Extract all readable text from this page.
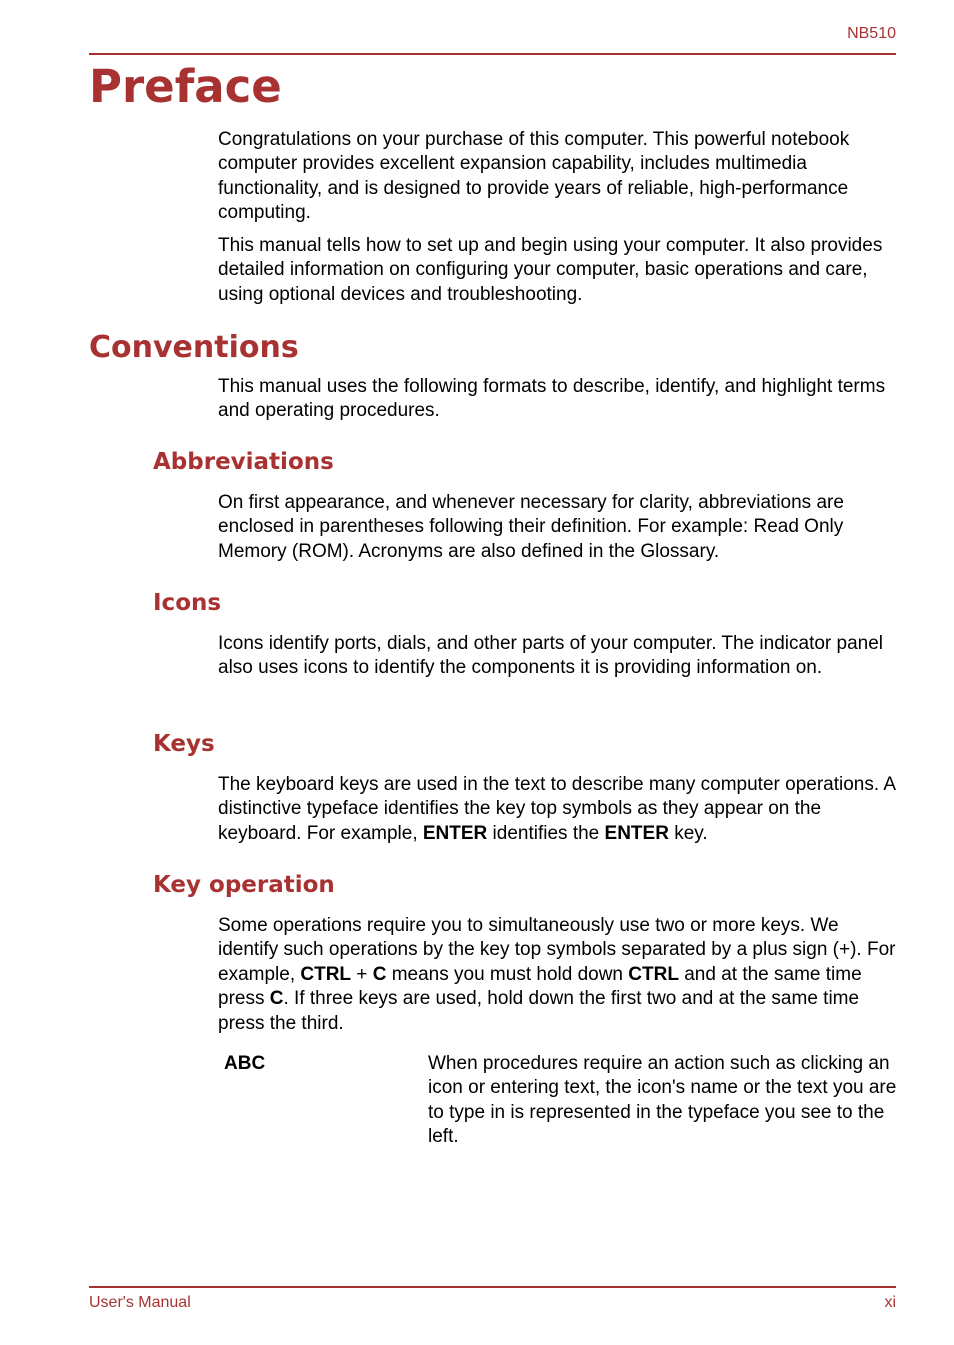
NB510
Preface

Congratulations on your purchase of this computer. This powerful notebook computer provides excellent expansion capability, includes multimedia functionality, and is designed to provide years of reliable, high-performance computing.

This manual tells how to set up and begin using your computer. It also provides detailed information on configuring your computer, basic operations and care, using optional devices and troubleshooting.

Conventions

This manual uses the following formats to describe, identify, and highlight terms and operating procedures.

Abbreviations

On first appearance, and whenever necessary for clarity, abbreviations are enclosed in parentheses following their definition. For example: Read Only Memory (ROM). Acronyms are also defined in the Glossary.

Icons

Icons identify ports, dials, and other parts of your computer. The indicator panel also uses icons to identify the components it is providing information on.

Keys

The keyboard keys are used in the text to describe many computer operations. A distinctive typeface identifies the key top symbols as they appear on the keyboard. For example, ENTER identifies the ENTER key.

Key operation

Some operations require you to simultaneously use two or more keys. We identify such operations by the key top symbols separated by a plus sign (+). For example, CTRL + C means you must hold down CTRL and at the same time press C. If three keys are used, hold down the first two and at the same time press the third.

ABC	When procedures require an action such as clicking an icon or entering text, the icon's name or the text you are to type in is represented in the typeface you see to the left.

User's Manual	xi
